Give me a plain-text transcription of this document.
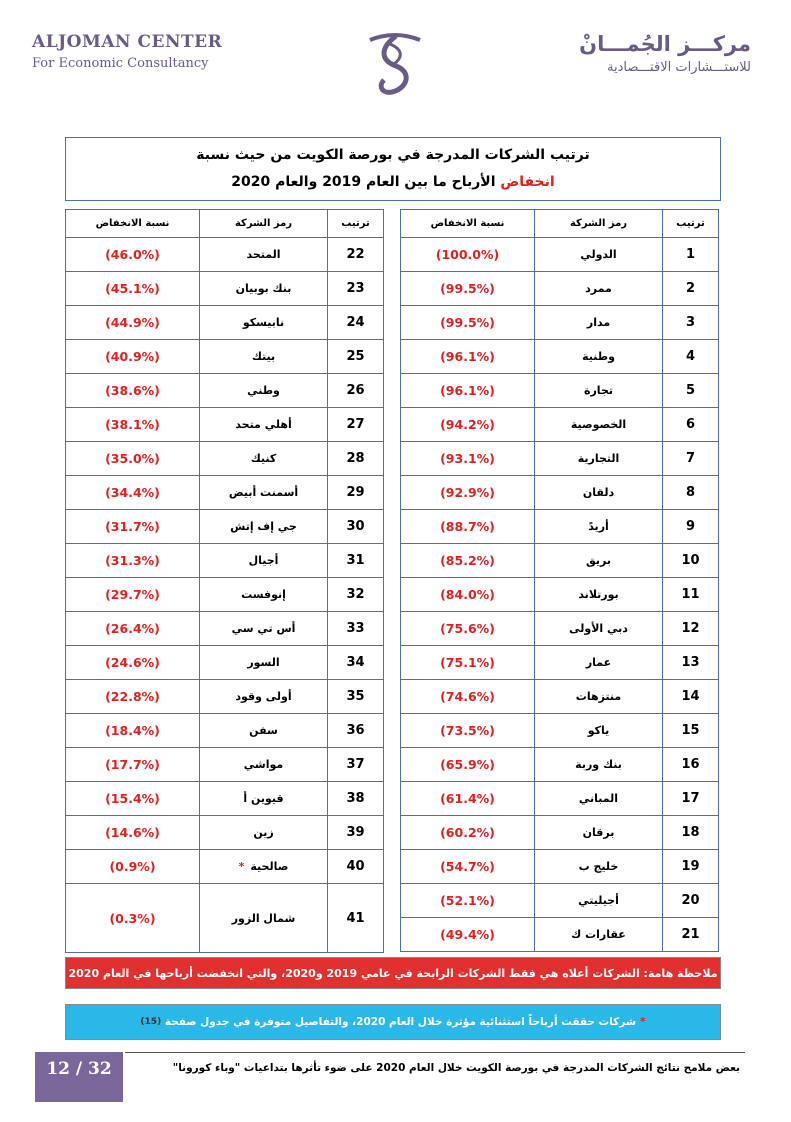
ALJOMAN CENTER
For Economic Consultancy
مركـــز الجُمـــانْ
للاستـــشارات الاقتـــصادية
ترتيب الشركات المدرجة في بورصة الكويت من حيث نسبة
انخفاض الأرباح ما بين العام 2019 والعام 2020
ترتيب	رمز الشركة	نسبة الانخفاض
1	الدولي	(100.0%)
2	ممرد	(99.5%)
3	مدار	(99.5%)
4	وطنية	(96.1%)
5	تجارة	(96.1%)
6	الخصوصية	(94.2%)
7	التجارية	(93.1%)
8	دلقان	(92.9%)
9	أريدً	(88.7%)
10	بريق	(85.2%)
11	بورتلاند	(84.0%)
12	دبي الأولى	(75.6%)
13	عمار	(75.1%)
14	منتزهات	(74.6%)
15	ياكو	(73.5%)
16	بنك وربة	(65.9%)
17	المباني	(61.4%)
18	برقان	(60.2%)
19	خليج ب	(54.7%)
20	أجيليتي	(52.1%)
21	عقارات ك	(49.4%)
ترتيب	رمز الشركة	نسبة الانخفاض
22	المتحد	(46.0%)
23	بنك بوبيان	(45.1%)
24	نابيسكو	(44.9%)
25	بيتك	(40.9%)
26	وطني	(38.6%)
27	أهلي متحد	(38.1%)
28	كنيك	(35.0%)
29	أسمنت أبيض	(34.4%)
30	جي إف إتش	(31.7%)
31	أجيال	(31.3%)
32	إنوفست	(29.7%)
33	أس تي سي	(26.4%)
34	السور	(24.6%)
35	أولى وقود	(22.8%)
36	سفن	(18.4%)
37	مواشي	(17.7%)
38	قيوين أ	(15.4%)
39	زين	(14.6%)
40	صالحية*	(0.9%)
41	شمال الزور	(0.3%)
ملاحظة هامة: الشركات أعلاه هي فقط الشركات الرابحة في عامي 2019 و2020، والتي انخفضت أرباحها في العام 2020
*
شركات حققت أرباحاً استثنائية مؤثرة خلال العام 2020، والتفاصيل متوفرة في جدول صفحة

(15)
12 / 32	بعض ملامح نتائج الشركات المدرجة في بورصة الكويت خلال العام 2020 على ضوء تأثرها بتداعيات "وباء كورونا"
